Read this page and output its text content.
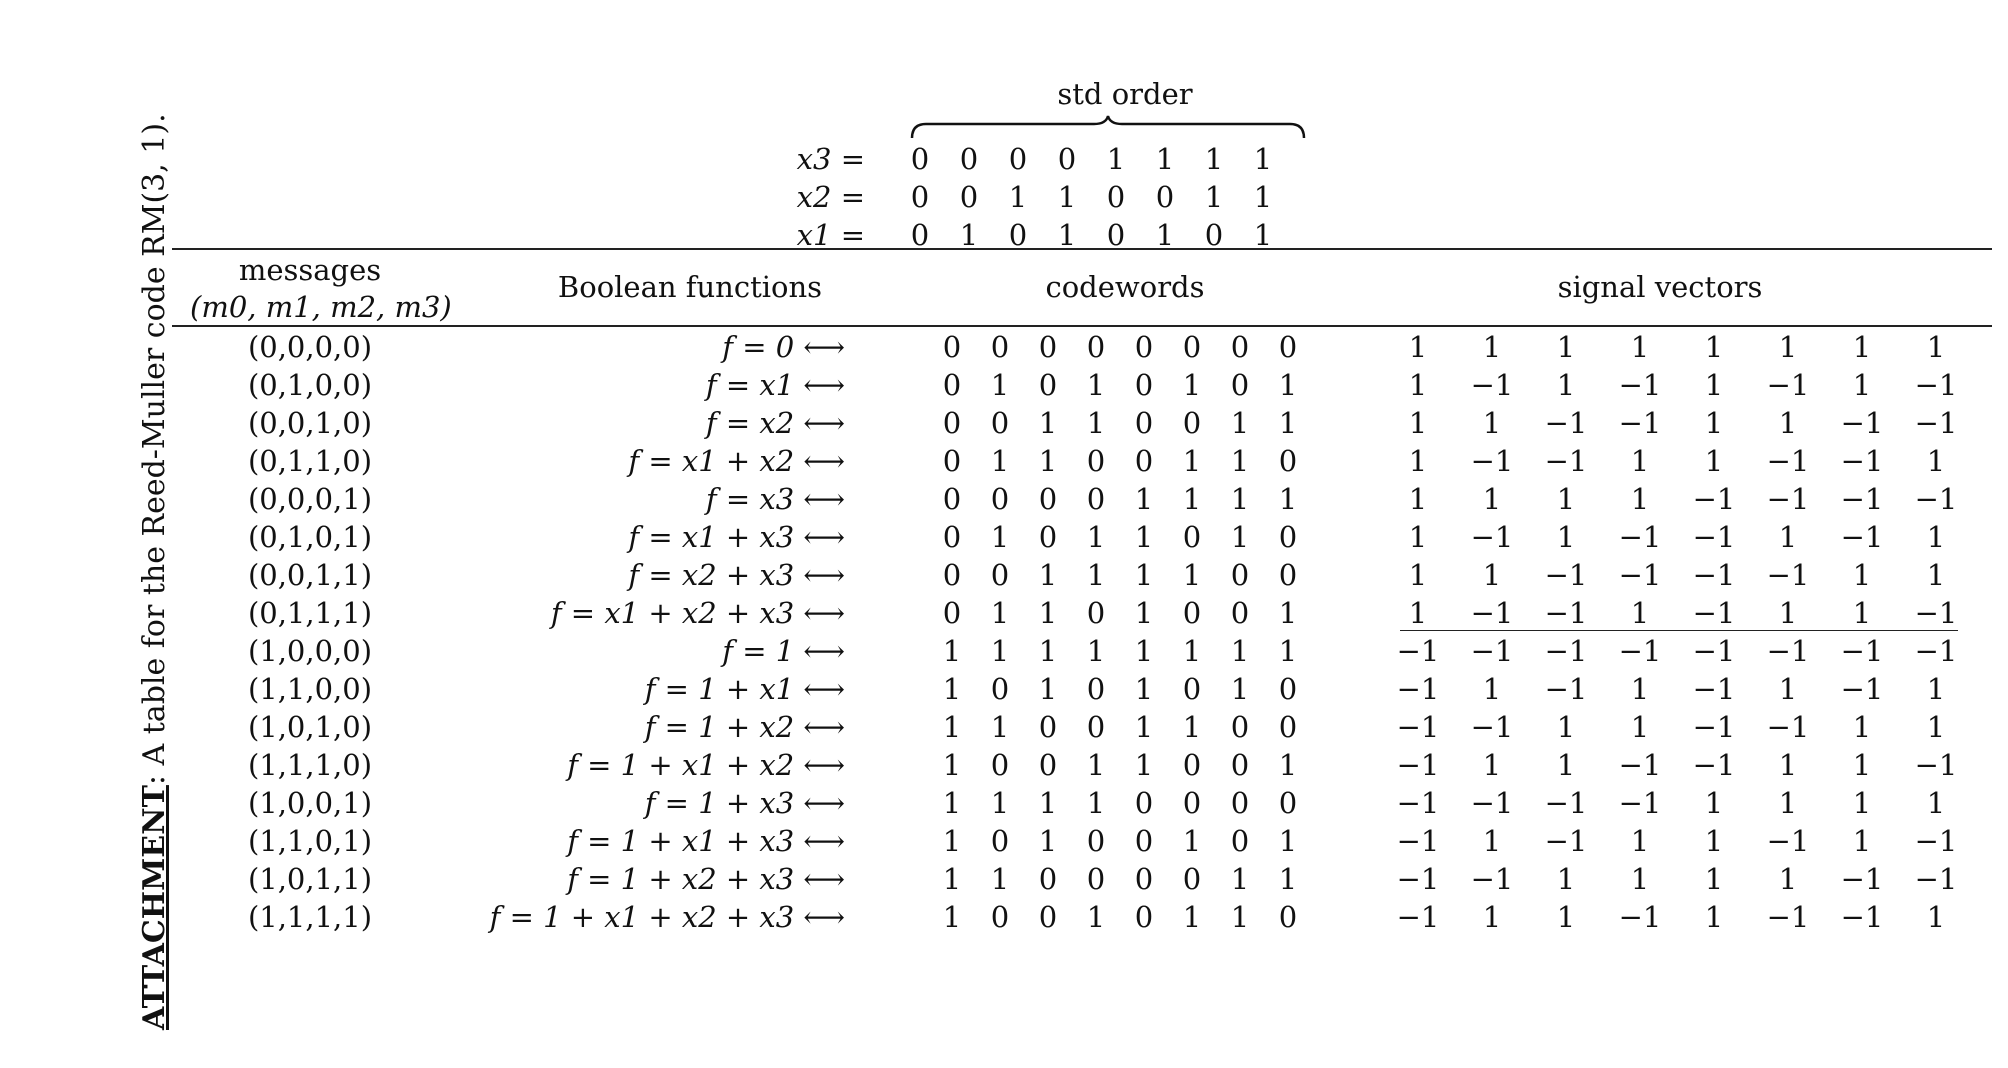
ATTACHMENT: A table for the Reed-Muller code RM(3, 1).
std order
x3 = 0 0 0 0 1 1 1 1
x2 = 0 0 1 1 0 0 1 1
x1 = 0 1 0 1 0 1 0 1
messages
(m0, m1, m2, m3)
Boolean functions	codewords	signal vectors
(0,0,0,0)	f = 0 ⟷	0 0 0 0 0 0 0 0	1	1	1	1	1	1	1	1
(0,1,0,0)	f = x1 ⟷	0 1 0 1 0 1 0 1	1	−1	1	−1	1	−1	1	−1
(0,0,1,0)	f = x2 ⟷	0 0 1 1 0 0 1 1	1	1	−1	−1	1	1	−1	−1
(0,1,1,0)	f = x1 + x2 ⟷	0 1 1 0 0 1 1 0	1	−1	−1	1	1	−1	−1	1
(0,0,0,1)	f = x3 ⟷	0 0 0 0 1 1 1 1	1	1	1	1	−1	−1	−1	−1
(0,1,0,1)	f = x1 + x3 ⟷	0 1 0 1 1 0 1 0	1	−1	1	−1	−1	1	−1	1
(0,0,1,1)	f = x2 + x3 ⟷	0 0 1 1 1 1 0 0	1	1	−1	−1	−1	−1	1	1
(0,1,1,1)	f = x1 + x2 + x3 ⟷	0 1 1 0 1 0 0 1	1	−1	−1	1	−1	1	1	−1
(1,0,0,0)	f = 1 ⟷	1 1 1 1 1 1 1 1	−1	−1	−1	−1	−1	−1	−1	−1
(1,1,0,0)	f = 1 + x1 ⟷	1 0 1 0 1 0 1 0	−1	1	−1	1	−1	1	−1	1
(1,0,1,0)	f = 1 + x2 ⟷	1 1 0 0 1 1 0 0	−1	−1	1	1	−1	−1	1	1
(1,1,1,0)	f = 1 + x1 + x2 ⟷	1 0 0 1 1 0 0 1	−1	1	1	−1	−1	1	1	−1
(1,0,0,1)	f = 1 + x3 ⟷	1 1 1 1 0 0 0 0	−1	−1	−1	−1	1	1	1	1
(1,1,0,1)	f = 1 + x1 + x3 ⟷	1 0 1 0 0 1 0 1	−1	1	−1	1	1	−1	1	−1
(1,0,1,1)	f = 1 + x2 + x3 ⟷	1 1 0 0 0 0 1 1	−1	−1	1	1	1	1	−1	−1
(1,1,1,1)	f = 1 + x1 + x2 + x3 ⟷	1 0 0 1 0 1 1 0	−1	1	1	−1	1	−1	−1	1
